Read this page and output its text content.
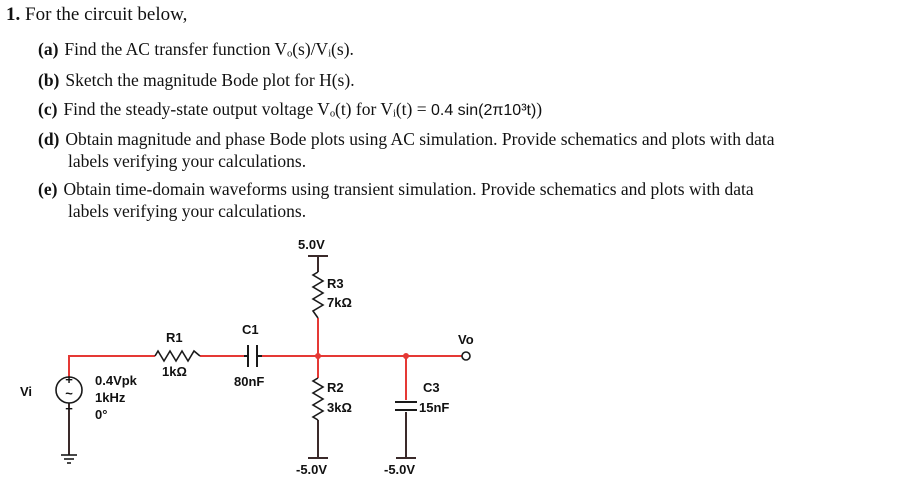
1. For the circuit below,
(a) Find the AC transfer function Vₒ(s)/Vᵢ(s).
(b) Sketch the magnitude Bode plot for H(s).
(c) Find the steady-state output voltage Vₒ(t) for Vᵢ(t) = 0.4 sin(2π10³t))
(d) Obtain magnitude and phase Bode plots using AC simulation. Provide schematics and plots with data
labels verifying your calculations.
(e) Obtain time-domain waveforms using transient simulation. Provide schematics and plots with data
labels verifying your calculations.
+
~
−
Vi
0.4Vpk
1kHz
0°
R1
1kΩ
C1
80nF
5.0V
R3
7kΩ
R2
3kΩ
-5.0V
C3
15nF
-5.0V
Vo
